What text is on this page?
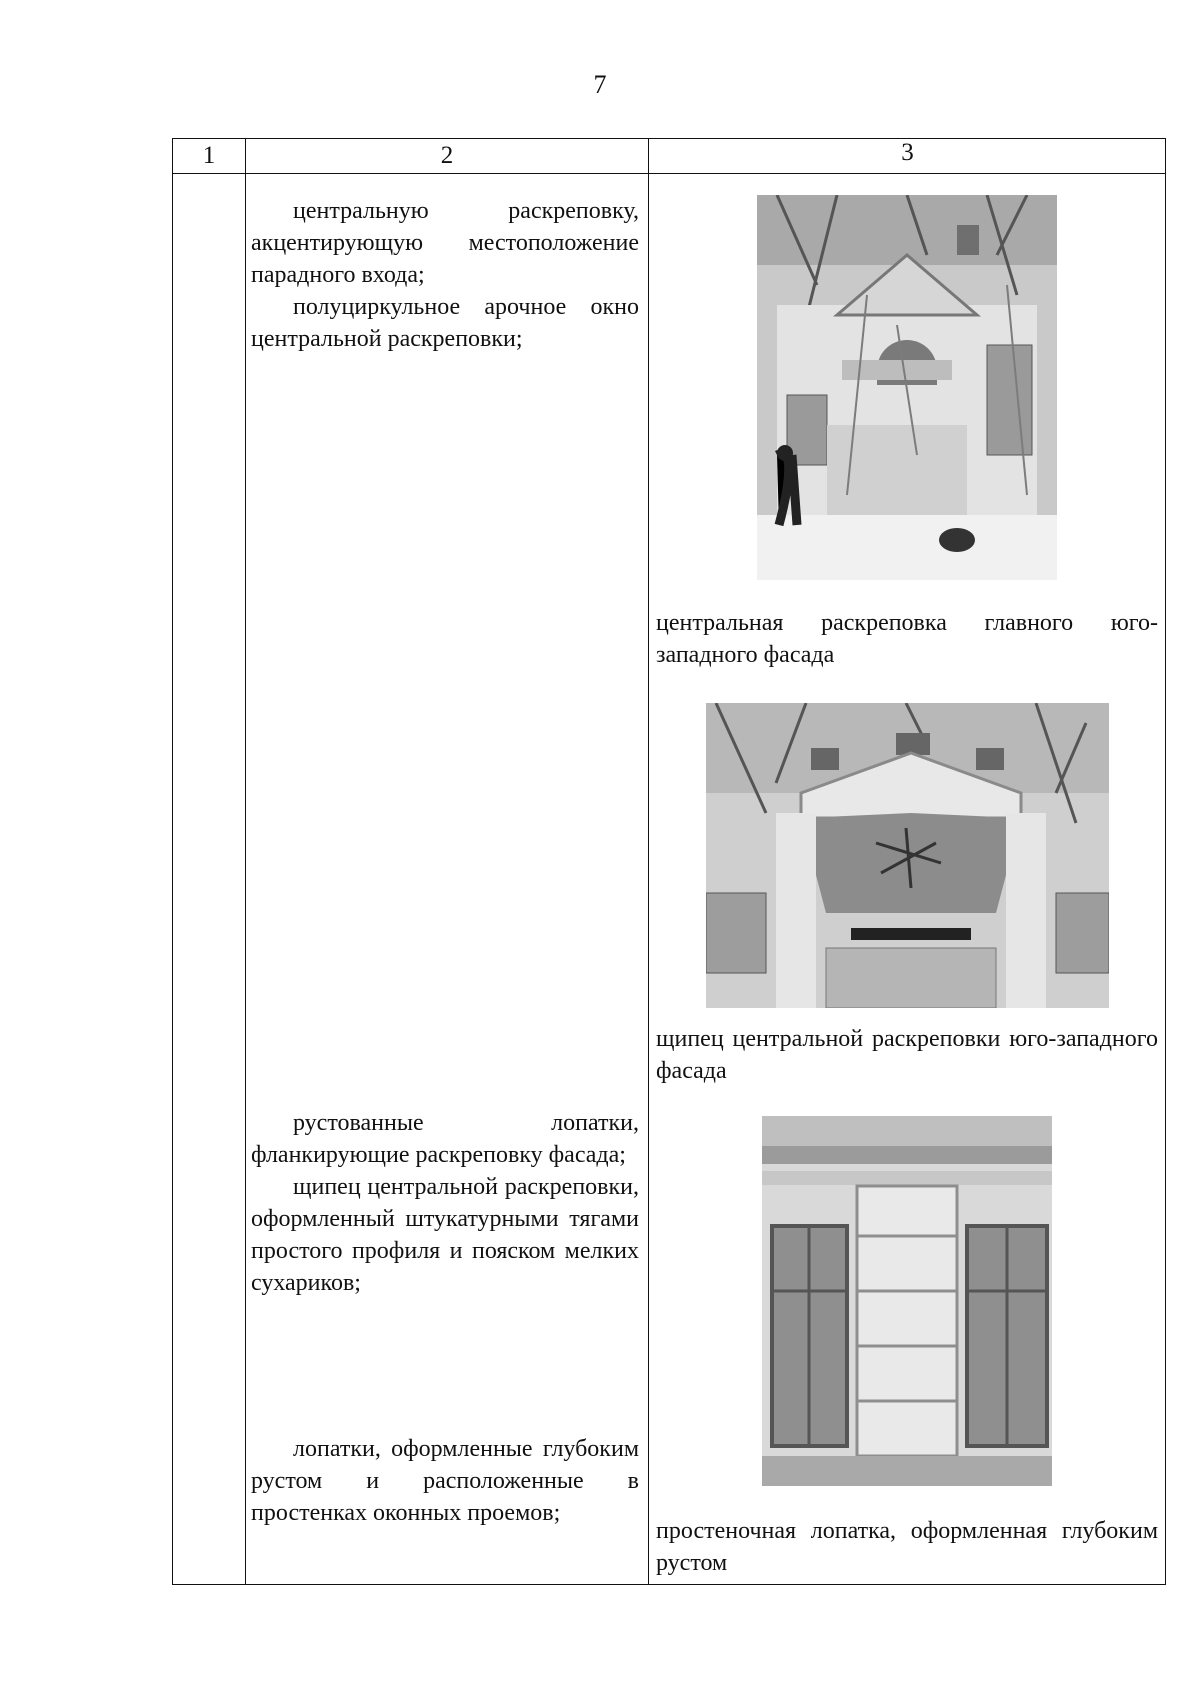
7
1	2	3

центральную раскреповку, акцентирующую местоположение парадного входа;

полуциркульное арочное окно центральной раскреповки;

рустованные лопатки, фланкирующие раскреповку фасада;

щипец центральной раскреповки, оформленный штукатурными тягами простого профиля и пояском мелких сухариков;

лопатки, оформленные глубоким рустом и расположенные в простенках оконных проемов;

центральная раскреповка главного юго-западного фасада
щипец центральной раскреповки юго-западного фасада
простеночная лопатка, оформленная глубоким рустом
